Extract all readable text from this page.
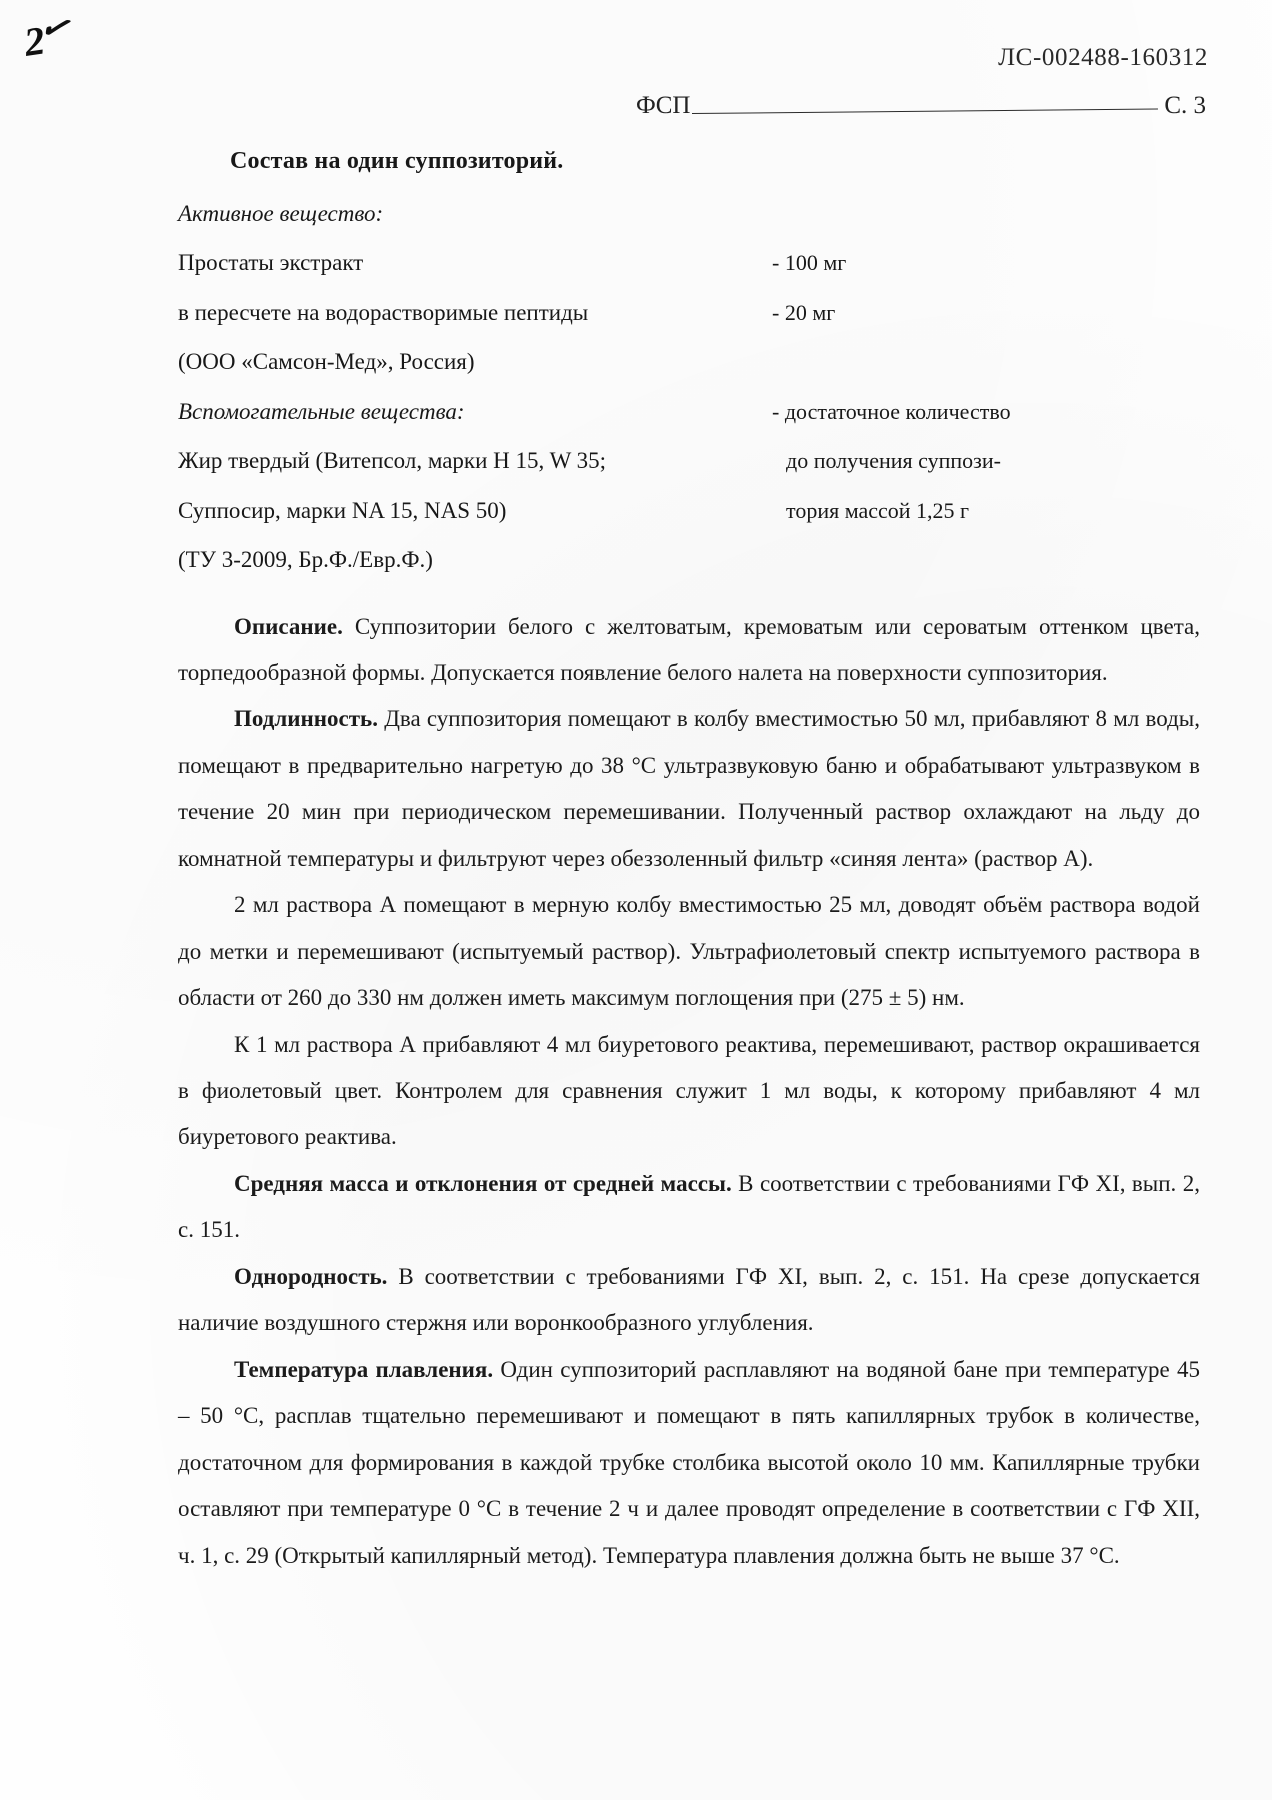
2✓
ЛС-002488-160312
ФСП	С. 3
Состав на один суппозиторий.
Активное вещество:
Простаты экстракт	- 100 мг
в пересчете на водорастворимые пептиды	- 20 мг
(ООО «Самсон-Мед», Россия)
Вспомогательные вещества:	- достаточное количество
Жир твердый (Витепсол, марки H 15, W 35;	до получения суппози-
Суппосир, марки NA 15, NAS 50)	тория массой 1,25 г
(ТУ 3-2009, Бр.Ф./Евр.Ф.)

Описание. Суппозитории белого с желтоватым, кремоватым или сероватым оттенком цвета, торпедообразной формы. Допускается появление белого налета на поверхности суппозитория.

Подлинность. Два суппозитория помещают в колбу вместимостью 50 мл, прибавляют 8 мл воды, помещают в предварительно нагретую до 38 °С ультразвуковую баню и обрабатывают ультразвуком в течение 20 мин при периодическом перемешивании. Полученный раствор охлаждают на льду до комнатной температуры и фильтруют через обеззоленный фильтр «синяя лента» (раствор А).

2 мл раствора А помещают в мерную колбу вместимостью 25 мл, доводят объём раствора водой до метки и перемешивают (испытуемый раствор). Ультрафиолетовый спектр испытуемого раствора в области от 260 до 330 нм должен иметь максимум поглощения при (275 ± 5) нм.

К 1 мл раствора А прибавляют 4 мл биуретового реактива, перемешивают, раствор окрашивается в фиолетовый цвет. Контролем для сравнения служит 1 мл воды, к которому прибавляют 4 мл биуретового реактива.

Средняя масса и отклонения от средней массы. В соответствии с требованиями ГФ XI, вып. 2, с. 151.

Однородность. В соответствии с требованиями ГФ XI, вып. 2, с. 151. На срезе допускается наличие воздушного стержня или воронкообразного углубления.

Температура плавления. Один суппозиторий расплавляют на водяной бане при температуре 45 – 50 °С, расплав тщательно перемешивают и помещают в пять капиллярных трубок в количестве, достаточном для формирования в каждой трубке столбика высотой около 10 мм. Капиллярные трубки оставляют при температуре 0 °С в течение 2 ч и далее проводят определение в соответствии с ГФ XII, ч. 1, с. 29 (Открытый капиллярный метод). Температура плавления должна быть не выше 37 °С.
